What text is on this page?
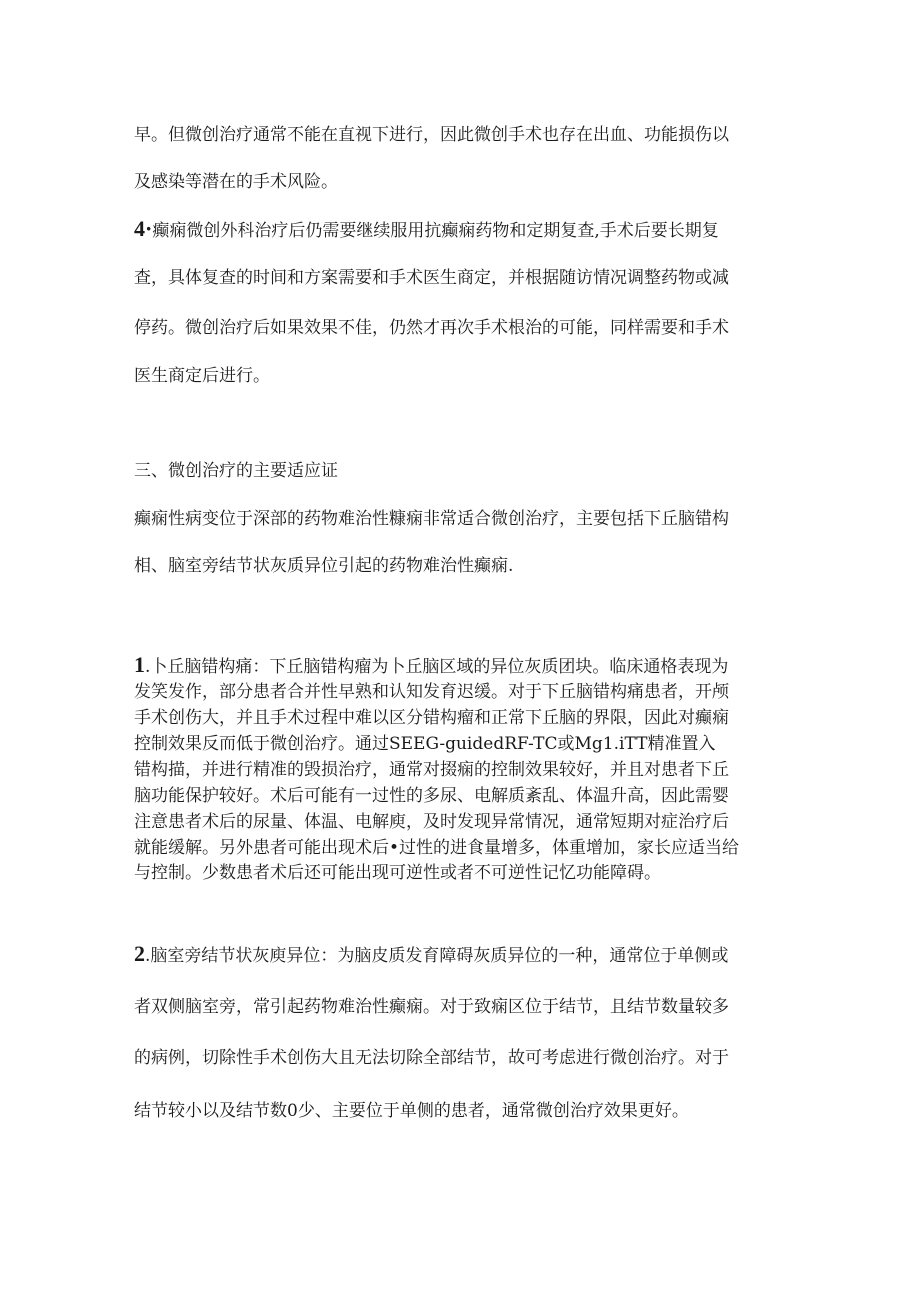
早。但微创治疗通常不能在直视下进行，因此微创手术也存在出血、功能损伤以
及感染等潜在的手术风险。
4·癫痫微创外科治疗后仍需要继续服用抗癫痫药物和定期复查,手术后要长期复
查，具体复查的时间和方案需要和手术医生商定，并根据随访情况调整药物或减
停药。微创治疗后如果效果不佳，仍然才再次手术根治的可能，同样需要和手术
医生商定后进行。
三、微创治疗的主要适应证
癫痫性病变位于深部的药物难治性糠痫非常适合微创治疗，主要包括下丘脑错构
相、脑室旁结节状灰质异位引起的药物难治性癫痫.
1.卜丘脑错构痛：下丘脑错构瘤为卜丘脑区域的异位灰质团块。临床通格表现为
发笑发作，部分患者合并性早熟和认知发育迟缓。对于下丘脑错构痛患者，开颅
手术创伤大，并且手术过程中难以区分错构瘤和正常下丘脑的界限，因此对癫痫
控制效果反而低于微创治疗。通过SEEG-guidedRF-TC或Mg1.iTT精准置入
错构描，并进行精准的毁损治疗，通常对掇痫的控制效果较好，并且对患者下丘
脑功能保护较好。术后可能有一过性的多尿、电解质紊乱、体温升高，因此需婴
注意患者术后的尿量、体温、电解庾，及时发现异常情况，通常短期对症治疗后
就能缓解。另外患者可能出现术后•过性的进食量增多，体重增加，家长应适当给
与控制。少数患者术后还可能出现可逆性或者不可逆性记忆功能障碍。
2.脑室旁结节状灰庾异位：为脑皮质发育障碍灰质异位的一种，通常位于单侧或
者双侧脑室旁，常引起药物难治性癫痫。对于致痫区位于结节，且结节数量较多
的病例，切除性手术创伤大且无法切除全部结节，故可考虑进行微创治疗。对于
结节较小以及结节数0少、主要位于单侧的患者，通常微创治疗效果更好。
